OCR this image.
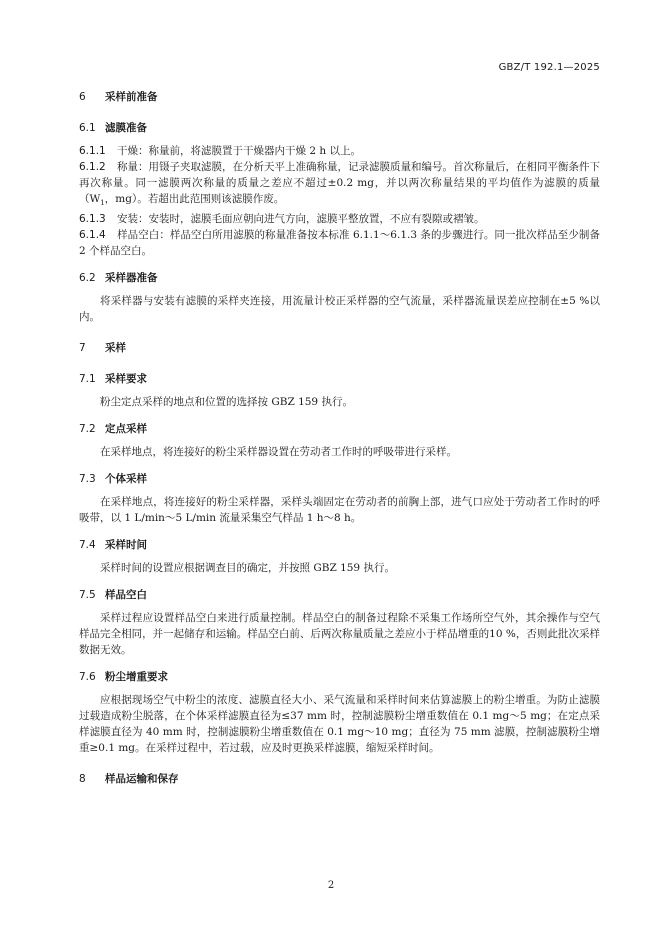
GBZ/T 192.1—2025

6 采样前准备

6.1 滤膜准备

6.1.1 干燥：称量前，将滤膜置于干燥器内干燥 2 h 以上。

6.1.2 称量：用镊子夹取滤膜，在分析天平上准确称量，记录滤膜质量和编号。首次称量后，在相同平衡条件下再次称量。同一滤膜两次称量的质量之差应不超过±0.2 mg，并以两次称量结果的平均值作为滤膜的质量（$W_1$，mg）。若超出此范围则该滤膜作废。

6.1.3 安装：安装时，滤膜毛面应朝向进气方向，滤膜平整放置，不应有裂隙或褶皱。

6.1.4 样品空白：样品空白所用滤膜的称量准备按本标准 6.1.1～6.1.3 条的步骤进行。同一批次样品至少制备 2 个样品空白。

6.2 采样器准备

将采样器与安装有滤膜的采样夹连接，用流量计校正采样器的空气流量，采样器流量误差应控制在±5 %以内。

7 采样

7.1 采样要求

粉尘定点采样的地点和位置的选择按 GBZ 159 执行。

7.2 定点采样

在采样地点，将连接好的粉尘采样器设置在劳动者工作时的呼吸带进行采样。

7.3 个体采样

在采样地点，将连接好的粉尘采样器，采样头端固定在劳动者的前胸上部，进气口应处于劳动者工作时的呼吸带，以 1 L/min～5 L/min 流量采集空气样品 1 h～8 h。

7.4 采样时间

采样时间的设置应根据调查目的确定，并按照 GBZ 159 执行。

7.5 样品空白

采样过程应设置样品空白来进行质量控制。样品空白的制备过程除不采集工作场所空气外，其余操作与空气样品完全相同，并一起储存和运输。样品空白前、后两次称量质量之差应小于样品增重的10 %，否则此批次采样数据无效。

7.6 粉尘增重要求

应根据现场空气中粉尘的浓度、滤膜直径大小、采气流量和采样时间来估算滤膜上的粉尘增重。为防止滤膜过载造成粉尘脱落，在个体采样滤膜直径为≤37 mm 时，控制滤膜粉尘增重数值在 0.1 mg～5 mg；在定点采样滤膜直径为 40 mm 时，控制滤膜粉尘增重数值在 0.1 mg～10 mg；直径为 75 mm 滤膜，控制滤膜粉尘增重≥0.1 mg。在采样过程中，若过载，应及时更换采样滤膜，缩短采样时间。

8 样品运输和保存

2
